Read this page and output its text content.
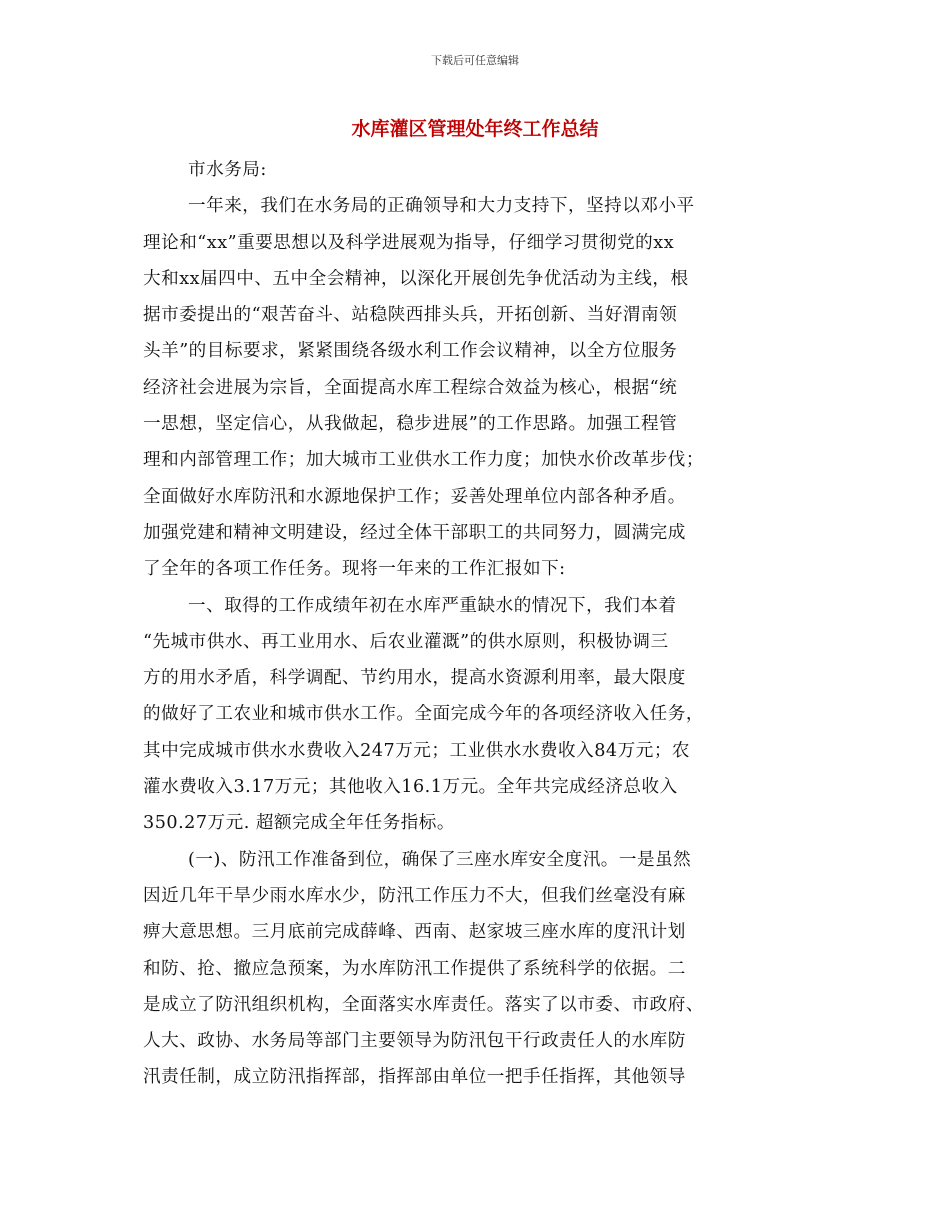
下载后可任意编辑
水库灌区管理处年终工作总结
市水务局:
一年来，我们在水务局的正确领导和大力支持下，坚持以邓小平
理论和“xx”重要思想以及科学进展观为指导，仔细学习贯彻党的xx
大和xx届四中、五中全会精神，以深化开展创先争优活动为主线，根
据市委提出的“艰苦奋斗、站稳陕西排头兵，开拓创新、当好渭南领
头羊”的目标要求，紧紧围绕各级水利工作会议精神，以全方位服务
经济社会进展为宗旨，全面提高水库工程综合效益为核心，根据“统
一思想，坚定信心，从我做起，稳步进展”的工作思路。加强工程管
理和内部管理工作；加大城市工业供水工作力度；加快水价改革步伐；
全面做好水库防汛和水源地保护工作；妥善处理单位内部各种矛盾。
加强党建和精神文明建设，经过全体干部职工的共同努力，圆满完成
了全年的各项工作任务。现将一年来的工作汇报如下:
一、取得的工作成绩年初在水库严重缺水的情况下，我们本着
“先城市供水、再工业用水、后农业灌溉”的供水原则，积极协调三
方的用水矛盾，科学调配、节约用水，提高水资源利用率，最大限度
的做好了工农业和城市供水工作。全面完成今年的各项经济收入任务，
其中完成城市供水水费收入247万元；工业供水水费收入84万元；农
灌水费收入3.17万元；其他收入16.1万元。全年共完成经济总收入
350.27万元. 超额完成全年任务指标。
(一)、防汛工作准备到位，确保了三座水库安全度汛。一是虽然
因近几年干旱少雨水库水少，防汛工作压力不大，但我们丝毫没有麻
痹大意思想。三月底前完成薛峰、西南、赵家坡三座水库的度汛计划
和防、抢、撤应急预案，为水库防汛工作提供了系统科学的依据。二
是成立了防汛组织机构，全面落实水库责任。落实了以市委、市政府、
人大、政协、水务局等部门主要领导为防汛包干行政责任人的水库防
汛责任制，成立防汛指挥部，指挥部由单位一把手任指挥，其他领导
